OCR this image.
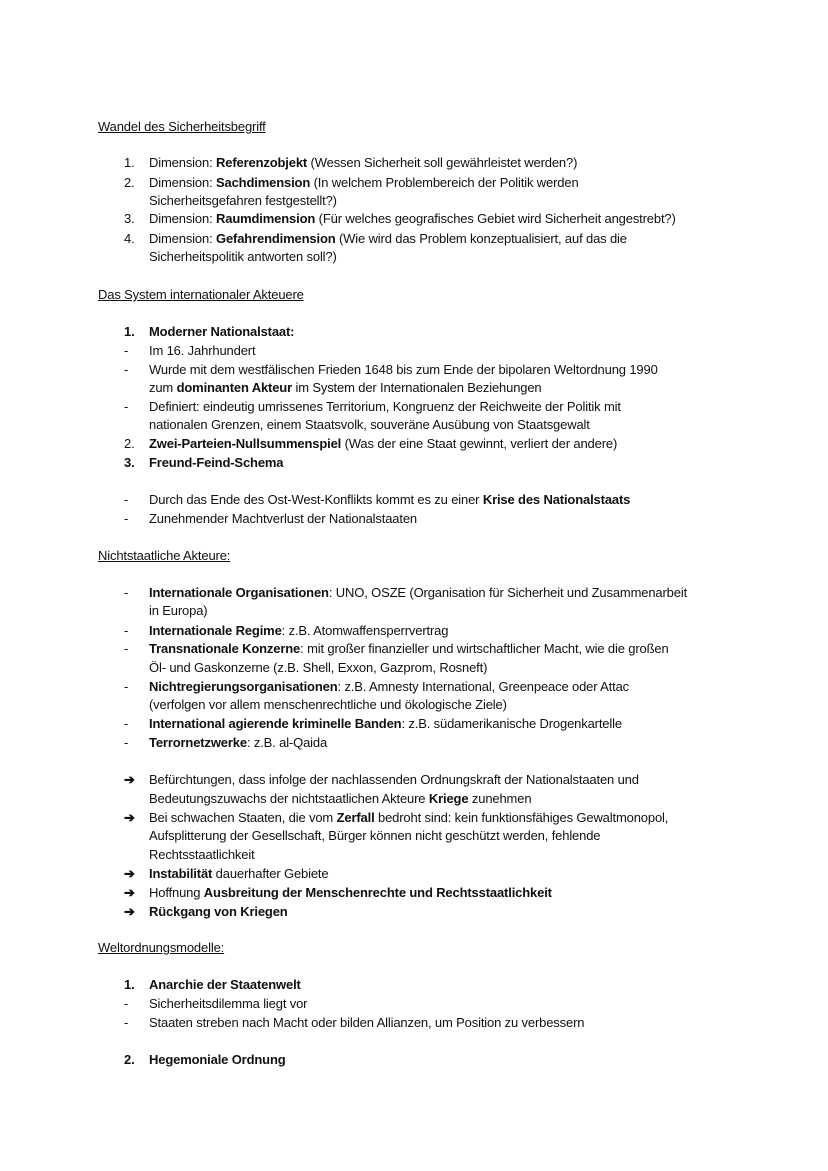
Wandel des Sicherheitsbegriff
1. Dimension: Referenzobjekt (Wessen Sicherheit soll gewährleistet werden?)
2. Dimension: Sachdimension (In welchem Problembereich der Politik werden
Sicherheitsgefahren festgestellt?)
3. Dimension: Raumdimension (Für welches geografisches Gebiet wird Sicherheit angestrebt?)
4. Dimension: Gefahrendimension (Wie wird das Problem konzeptualisiert, auf das die
Sicherheitspolitik antworten soll?)
Das System internationaler Akteuere
1. Moderner Nationalstaat:
- Im 16. Jahrhundert
- Wurde mit dem westfälischen Frieden 1648 bis zum Ende der bipolaren Weltordnung 1990
zum dominanten Akteur im System der Internationalen Beziehungen
- Definiert: eindeutig umrissenes Territorium, Kongruenz der Reichweite der Politik mit
nationalen Grenzen, einem Staatsvolk, souveräne Ausübung von Staatsgewalt
2. Zwei-Parteien-Nullsummenspiel (Was der eine Staat gewinnt, verliert der andere)
3. Freund-Feind-Schema
- Durch das Ende des Ost-West-Konflikts kommt es zu einer Krise des Nationalstaats
- Zunehmender Machtverlust der Nationalstaaten
Nichtstaatliche Akteure:
- Internationale Organisationen: UNO, OSZE (Organisation für Sicherheit und Zusammenarbeit
in Europa)
- Internationale Regime: z.B. Atomwaffensperrvertrag
- Transnationale Konzerne: mit großer finanzieller und wirtschaftlicher Macht, wie die großen
Öl- und Gaskonzerne (z.B. Shell, Exxon, Gazprom, Rosneft)
- Nichtregierungsorganisationen: z.B. Amnesty International, Greenpeace oder Attac
(verfolgen vor allem menschenrechtliche und ökologische Ziele)
- International agierende kriminelle Banden: z.B. südamerikanische Drogenkartelle
- Terrornetzwerke: z.B. al-Qaida
➔ Befürchtungen, dass infolge der nachlassenden Ordnungskraft der Nationalstaaten und
Bedeutungszuwachs der nichtstaatlichen Akteure Kriege zunehmen
➔ Bei schwachen Staaten, die vom Zerfall bedroht sind: kein funktionsfähiges Gewaltmonopol,
Aufsplitterung der Gesellschaft, Bürger können nicht geschützt werden, fehlende
Rechtsstaatlichkeit
➔ Instabilität dauerhafter Gebiete
➔ Hoffnung Ausbreitung der Menschenrechte und Rechtsstaatlichkeit
➔ Rückgang von Kriegen
Weltordnungsmodelle:
1. Anarchie der Staatenwelt
- Sicherheitsdilemma liegt vor
- Staaten streben nach Macht oder bilden Allianzen, um Position zu verbessern
2. Hegemoniale Ordnung
